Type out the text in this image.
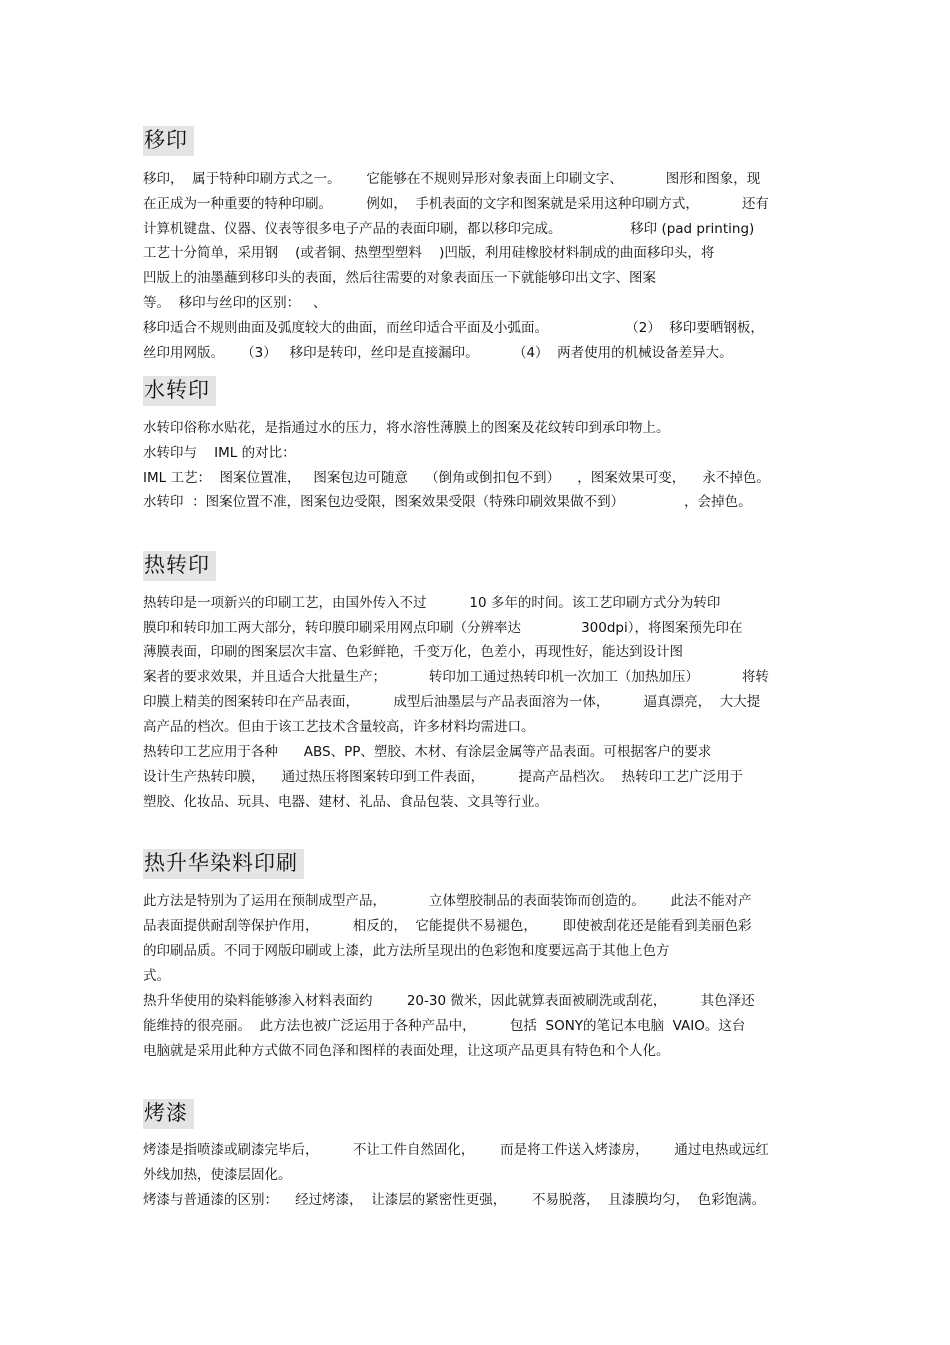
移印
移印，  属于特种印刷方式之一。      它能够在不规则异形对象表面上印刷文字、          图形和图象，现
在正成为一种重要的特种印刷。        例如，  手机表面的文字和图案就是采用这种印刷方式，          还有
计算机键盘、仪器、仪表等很多电子产品的表面印刷，都以移印完成。                移印 (pad printing)
工艺十分简单，采用钢    (或者铜、热塑型塑料    )凹版，利用硅橡胶材料制成的曲面移印头，将
凹版上的油墨蘸到移印头的表面，然后往需要的对象表面压一下就能够印出文字、图案
等。  移印与丝印的区别：   、
移印适合不规则曲面及弧度较大的曲面，而丝印适合平面及小弧面。                  （2）  移印要晒钢板，
丝印用网版。    （3）   移印是转印，丝印是直接漏印。        （4）  两者使用的机械设备差异大。
水转印
水转印俗称水贴花，是指通过水的压力，将水溶性薄膜上的图案及花纹转印到承印物上。
水转印与    IML 的对比：
IML 工艺：  图案位置准，   图案包边可随意    （倒角或倒扣包不到）    ，图案效果可变，    永不掉色。
水转印  ：图案位置不准，图案包边受限，图案效果受限（特殊印刷效果做不到）              ，会掉色。
热转印
热转印是一项新兴的印刷工艺，由国外传入不过          10 多年的时间。该工艺印刷方式分为转印
膜印和转印加工两大部分，转印膜印刷采用网点印刷（分辨率达              300dpi），将图案预先印在
薄膜表面，印刷的图案层次丰富、色彩鲜艳，千变万化，色差小，再现性好，能达到设计图
案者的要求效果，并且适合大批量生产；          转印加工通过热转印机一次加工（加热加压）          将转
印膜上精美的图案转印在产品表面，        成型后油墨层与产品表面溶为一体，        逼真漂亮，  大大提
高产品的档次。但由于该工艺技术含量较高，许多材料均需进口。
热转印工艺应用于各种      ABS、PP、塑胶、木材、有涂层金属等产品表面。可根据客户的要求
设计生产热转印膜，    通过热压将图案转印到工件表面，        提高产品档次。  热转印工艺广泛用于
塑胶、化妆品、玩具、电器、建材、礼品、食品包装、文具等行业。
热升华染料印刷
此方法是特别为了运用在预制成型产品，          立体塑胶制品的表面装饰而创造的。      此法不能对产
品表面提供耐刮等保护作用，        相反的，  它能提供不易褪色，      即使被刮花还是能看到美丽色彩
的印刷品质。不同于网版印刷或上漆，此方法所呈现出的色彩饱和度要远高于其他上色方
式。
热升华使用的染料能够渗入材料表面约        20-30 微米，因此就算表面被刷洗或刮花，        其色泽还
能维持的很亮丽。  此方法也被广泛运用于各种产品中，        包括  SONY的笔记本电脑  VAIO。这台
电脑就是采用此种方式做不同色泽和图样的表面处理，让这项产品更具有特色和个人化。
烤漆
烤漆是指喷漆或刷漆完毕后，        不让工件自然固化，      而是将工件送入烤漆房，      通过电热或远红
外线加热，使漆层固化。
烤漆与普通漆的区别：    经过烤漆，  让漆层的紧密性更强，      不易脱落，  且漆膜均匀，  色彩饱满。
